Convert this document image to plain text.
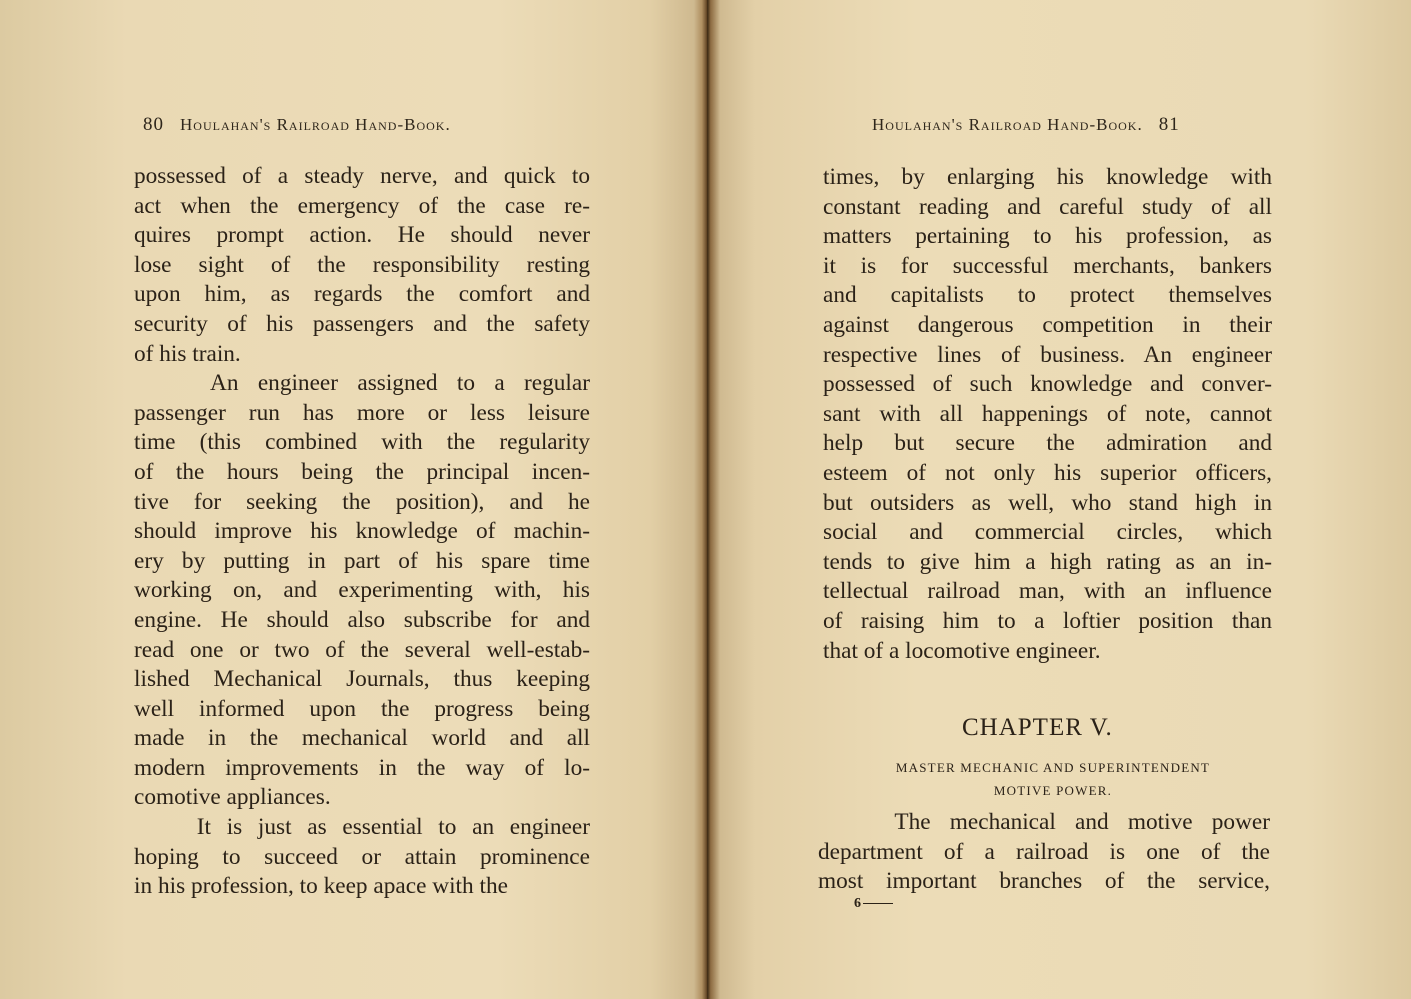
80 Houlahan's Railroad Hand-Book.
possessed of a steady nerve, and quick to
act when the emergency of the case re-
quires prompt action. He should never
lose sight of the responsibility resting
upon him, as regards the comfort and
security of his passengers and the safety
of his train.
An engineer assigned to a regular
passenger run has more or less leisure
time (this combined with the regularity
of the hours being the principal incen-
tive for seeking the position), and he
should improve his knowledge of machin-
ery by putting in part of his spare time
working on, and experimenting with, his
engine. He should also subscribe for and
read one or two of the several well-estab-
lished Mechanical Journals, thus keeping
well informed upon the progress being
made in the mechanical world and all
modern improvements in the way of lo-
comotive appliances.
It is just as essential to an engineer
hoping to succeed or attain prominence
in his profession, to keep apace with the
Houlahan's Railroad Hand-Book. 81
times, by enlarging his knowledge with
constant reading and careful study of all
matters pertaining to his profession, as
it is for successful merchants, bankers
and capitalists to protect themselves
against dangerous competition in their
respective lines of business. An engineer
possessed of such knowledge and conver-
sant with all happenings of note, cannot
help but secure the admiration and
esteem of not only his superior officers,
but outsiders as well, who stand high in
social and commercial circles, which
tends to give him a high rating as an in-
tellectual railroad man, with an influence
of raising him to a loftier position than
that of a locomotive engineer.
CHAPTER V.
MASTER MECHANIC AND SUPERINTENDENT
MOTIVE POWER.
The mechanical and motive power
department of a railroad is one of the
most important branches of the service,
6
